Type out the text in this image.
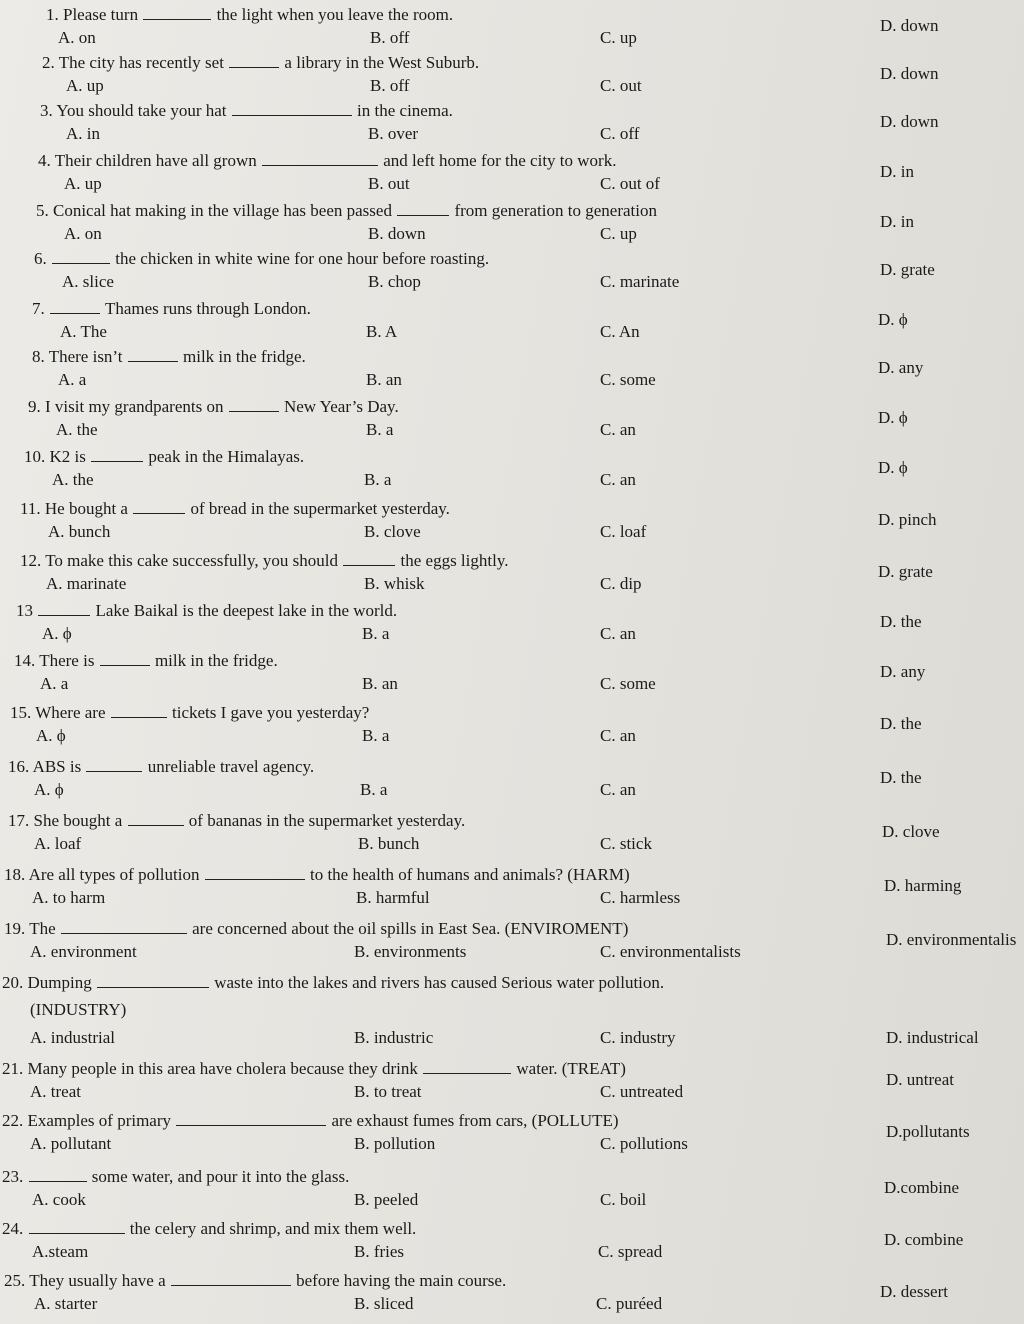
1. Please turn	the light when you leave the room.
A. on	B. off	C. up
D. down
2. The city has recently set	a library in the West Suburb.
A. up	B. off	C. out
D. down
3. You should take your hat	in the cinema.
A. in	B. over	C. off
D. down
4. Their children have all grown	and left home for the city to work.
A. up	B. out	C. out of
D. in
5. Conical hat making in the village has been passed	from generation to generation
A. on	B. down	C. up
D. in
6.	the chicken in white wine for one hour before roasting.
A. slice	B. chop	C. marinate
D. grate
7.	Thames runs through London.
A. The	B. A	C. An
D. ϕ
8. There isn’t	milk in the fridge.
A. a	B. an	C. some
D. any
9. I visit my grandparents on	New Year’s Day.
A. the	B. a	C. an
D. ϕ
10. K2 is	peak in the Himalayas.
A. the	B. a	C. an
D. ϕ
11. He bought a	of bread in the supermarket yesterday.
A. bunch	B. clove	C. loaf
D. pinch
12. To make this cake successfully, you should	the eggs lightly.
A. marinate	B. whisk	C. dip
D. grate
13	Lake Baikal is the deepest lake in the world.
A. ϕ	B. a	C. an
D. the
14. There is	milk in the fridge.
A. a	B. an	C. some
D. any
15. Where are	tickets I gave you yesterday?
A. ϕ	B. a	C. an
D. the
16. ABS is	unreliable travel agency.
A. ϕ	B. a	C. an
D. the
17. She bought a	of bananas in the supermarket yesterday.
A. loaf	B. bunch	C. stick
D. clove
18. Are all types of pollution	to the health of humans and animals? (HARM)
A. to harm	B. harmful	C. harmless
D. harming
19. The	are concerned about the oil spills in East Sea. (ENVIROMENT)
A. environment	B. environments	C. environmentalists
D. environmentalis
20. Dumping	waste into the lakes and rivers has caused Serious water pollution.
A. industrial	B. industric	C. industry	D. industrical
(INDUSTRY)
21. Many people in this area have cholera because they drink	water. (TREAT)
A. treat	B. to treat	C. untreated
D. untreat
22. Examples of primary	are exhaust fumes from cars, (POLLUTE)
A. pollutant	B. pollution	C. pollutions
D.pollutants
23.	some water, and pour it into the glass.
A. cook	B. peeled	C. boil
D.combine
24.	the celery and shrimp, and mix them well.
A.steam	B. fries	C. spread
D. combine
25. They usually have a	before having the main course.
A. starter	B. sliced	C. puréed
D. dessert
